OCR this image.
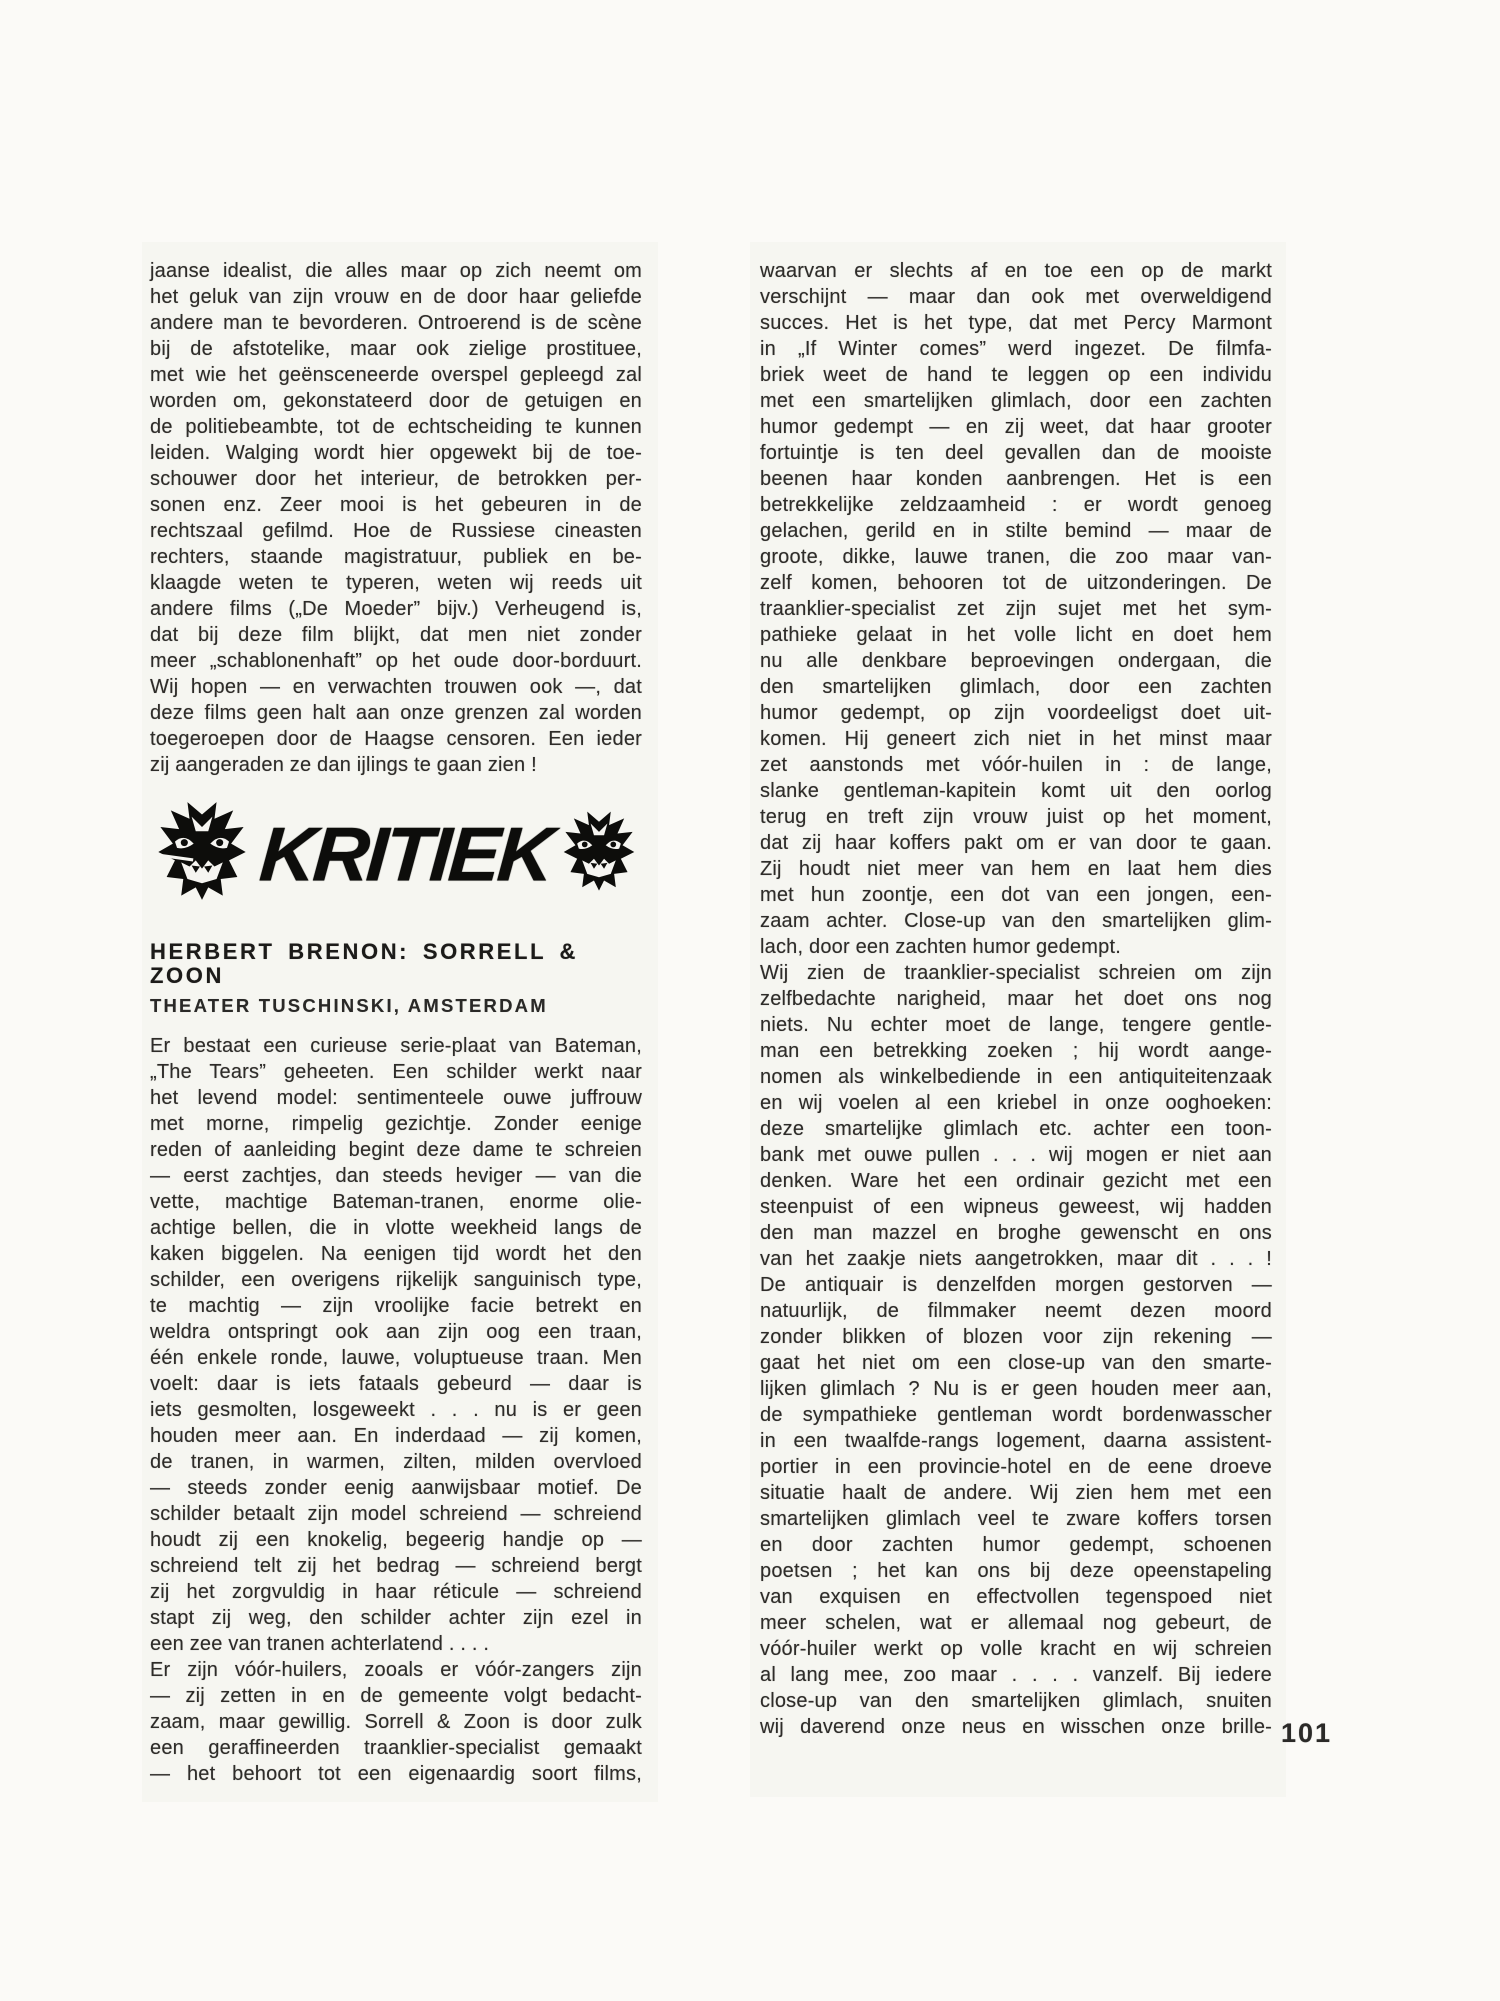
jaanse idealist, die alles maar op zich neemt om
het geluk van zijn vrouw en de door haar geliefde
andere man te bevorderen. Ontroerend is de scène
bij de afstotelike, maar ook zielige prostituee,
met wie het geënsceneerde overspel gepleegd zal
worden om, gekonstateerd door de getuigen en
de politiebeambte, tot de echtscheiding te kunnen
leiden. Walging wordt hier opgewekt bij de toe-
schouwer door het interieur, de betrokken per-
sonen enz. Zeer mooi is het gebeuren in de
rechtszaal gefilmd. Hoe de Russiese cineasten
rechters, staande magistratuur, publiek en be-
klaagde weten te typeren, weten wij reeds uit
andere films („De Moeder” bijv.) Verheugend is,
dat bij deze film blijkt, dat men niet zonder
meer „schablonenhaft” op het oude door-borduurt.
Wij hopen — en verwachten trouwen ook —, dat
deze films geen halt aan onze grenzen zal worden
toegeroepen door de Haagse censoren. Een ieder
zij aangeraden ze dan ijlings te gaan zien !
KRITIEK
HERBERT BRENON: SORRELL & ZOON
THEATER TUSCHINSKI, AMSTERDAM
Er bestaat een curieuse serie-plaat van Bateman,
„The Tears” geheeten. Een schilder werkt naar
het levend model: sentimenteele ouwe juffrouw
met morne, rimpelig gezichtje. Zonder eenige
reden of aanleiding begint deze dame te schreien
— eerst zachtjes, dan steeds heviger — van die
vette, machtige Bateman-tranen, enorme olie-
achtige bellen, die in vlotte weekheid langs de
kaken biggelen. Na eenigen tijd wordt het den
schilder, een overigens rijkelijk sanguinisch type,
te machtig — zijn vroolijke facie betrekt en
weldra ontspringt ook aan zijn oog een traan,
één enkele ronde, lauwe, voluptueuse traan. Men
voelt: daar is iets fataals gebeurd — daar is
iets gesmolten, losgeweekt . . . nu is er geen
houden meer aan. En inderdaad — zij komen,
de tranen, in warmen, zilten, milden overvloed
— steeds zonder eenig aanwijsbaar motief. De
schilder betaalt zijn model schreiend — schreiend
houdt zij een knokelig, begeerig handje op —
schreiend telt zij het bedrag — schreiend bergt
zij het zorgvuldig in haar réticule — schreiend
stapt zij weg, den schilder achter zijn ezel in
een zee van tranen achterlatend . . . .
Er zijn vóór-huilers, zooals er vóór-zangers zijn
— zij zetten in en de gemeente volgt bedacht-
zaam, maar gewillig. Sorrell & Zoon is door zulk
een geraffineerden traanklier-specialist gemaakt
— het behoort tot een eigenaardig soort films,
waarvan er slechts af en toe een op de markt
verschijnt — maar dan ook met overweldigend
succes. Het is het type, dat met Percy Marmont
in „If Winter comes” werd ingezet. De filmfa-
briek weet de hand te leggen op een individu
met een smartelijken glimlach, door een zachten
humor gedempt — en zij weet, dat haar grooter
fortuintje is ten deel gevallen dan de mooiste
beenen haar konden aanbrengen. Het is een
betrekkelijke zeldzaamheid : er wordt genoeg
gelachen, gerild en in stilte bemind — maar de
groote, dikke, lauwe tranen, die zoo maar van-
zelf komen, behooren tot de uitzonderingen. De
traanklier-specialist zet zijn sujet met het sym-
pathieke gelaat in het volle licht en doet hem
nu alle denkbare beproevingen ondergaan, die
den smartelijken glimlach, door een zachten
humor gedempt, op zijn voordeeligst doet uit-
komen. Hij geneert zich niet in het minst maar
zet aanstonds met vóór-huilen in : de lange,
slanke gentleman-kapitein komt uit den oorlog
terug en treft zijn vrouw juist op het moment,
dat zij haar koffers pakt om er van door te gaan.
Zij houdt niet meer van hem en laat hem dies
met hun zoontje, een dot van een jongen, een-
zaam achter. Close-up van den smartelijken glim-
lach, door een zachten humor gedempt.
Wij zien de traanklier-specialist schreien om zijn
zelfbedachte narigheid, maar het doet ons nog
niets. Nu echter moet de lange, tengere gentle-
man een betrekking zoeken ; hij wordt aange-
nomen als winkelbediende in een antiquiteitenzaak
en wij voelen al een kriebel in onze ooghoeken:
deze smartelijke glimlach etc. achter een toon-
bank met ouwe pullen . . . wij mogen er niet aan
denken. Ware het een ordinair gezicht met een
steenpuist of een wipneus geweest, wij hadden
den man mazzel en broghe gewenscht en ons
van het zaakje niets aangetrokken, maar dit . . . !
De antiquair is denzelfden morgen gestorven —
natuurlijk, de filmmaker neemt dezen moord
zonder blikken of blozen voor zijn rekening —
gaat het niet om een close-up van den smarte-
lijken glimlach ? Nu is er geen houden meer aan,
de sympathieke gentleman wordt bordenwasscher
in een twaalfde-rangs logement, daarna assistent-
portier in een provincie-hotel en de eene droeve
situatie haalt de andere. Wij zien hem met een
smartelijken glimlach veel te zware koffers torsen
en door zachten humor gedempt, schoenen
poetsen ; het kan ons bij deze opeenstapeling
van exquisen en effectvollen tegenspoed niet
meer schelen, wat er allemaal nog gebeurt, de
vóór-huiler werkt op volle kracht en wij schreien
al lang mee, zoo maar . . . . vanzelf. Bij iedere
close-up van den smartelijken glimlach, snuiten
wij daverend onze neus en wisschen onze brille- 101
